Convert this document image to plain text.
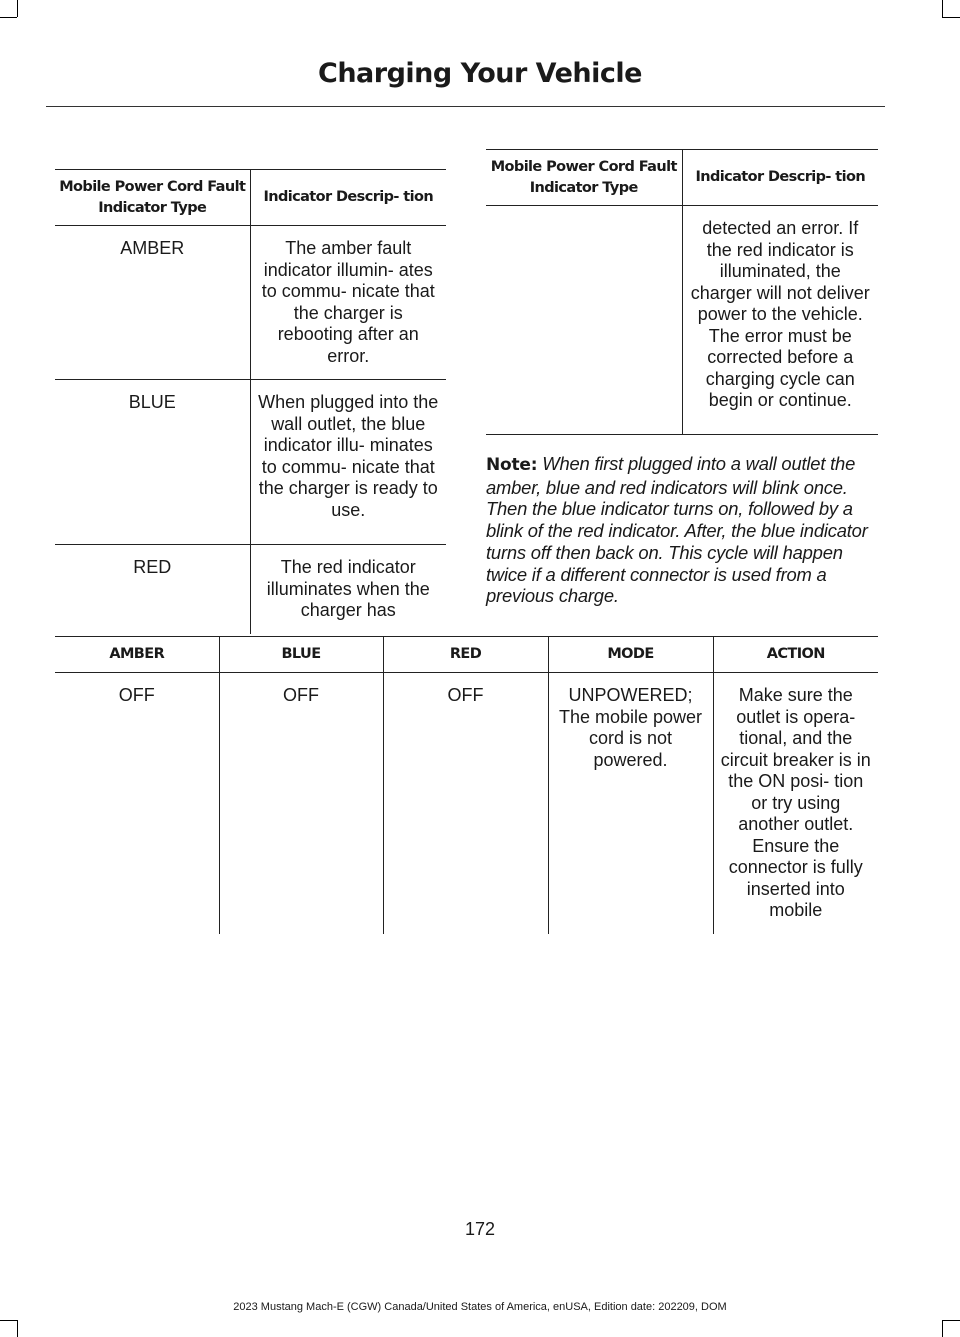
Charging Your Vehicle
Mobile Power Cord Fault Indicator Type	Indicator Descrip- tion

AMBER	The amber fault indicator illumin- ates to commu- nicate that the charger is rebooting after an error.

BLUE	When plugged into the wall outlet, the blue indicator illu- minates to commu- nicate that the charger is ready to use.

RED	The red indicator illuminates when the charger has
Mobile Power Cord Fault Indicator Type	Indicator Descrip- tion

	detected an error. If the red indicator is illuminated, the charger will not deliver power to the vehicle. The error must be corrected before a charging cycle can begin or continue.
Note: When first plugged into a wall outlet the amber, blue and red indicators will blink once. Then the blue indicator turns on, followed by a blink of the red indicator. After, the blue indicator turns off then back on. This cycle will happen twice if a different connector is used from a previous charge.
AMBER	BLUE	RED	MODE	ACTION

OFF	OFF	OFF	UNPOWERED; The mobile power cord is not powered.	Make sure the outlet is opera- tional, and the circuit breaker is in the ON posi- tion or try using another outlet. Ensure the connector is fully inserted into mobile
172
2023 Mustang Mach-E (CGW) Canada/United States of America, enUSA, Edition date: 202209, DOM
